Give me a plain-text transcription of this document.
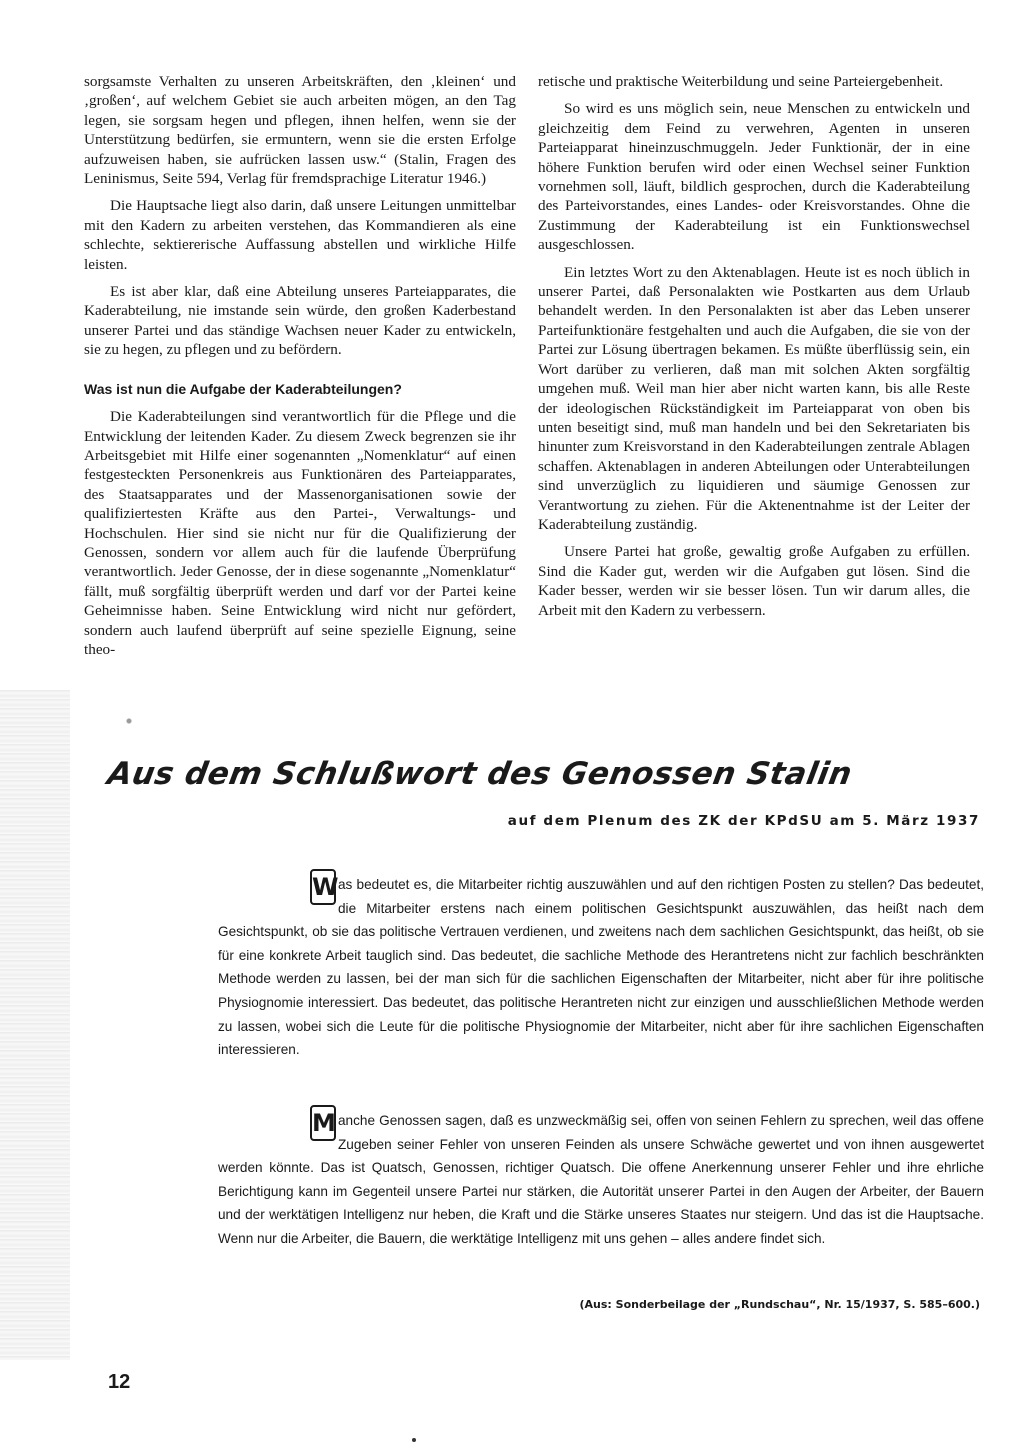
sorgsamste Verhalten zu unseren Arbeitskräften, den ‚kleinen‘ und ‚großen‘, auf welchem Gebiet sie auch arbeiten mögen, an den Tag legen, sie sorgsam hegen und pflegen, ihnen helfen, wenn sie der Unterstützung bedürfen, sie ermuntern, wenn sie die ersten Erfolge aufzuweisen haben, sie aufrücken lassen usw.“ (Stalin, Fragen des Leninismus, Seite 594, Verlag für fremdsprachige Literatur 1946.)

Die Hauptsache liegt also darin, daß unsere Leitungen unmittelbar mit den Kadern zu arbeiten verstehen, das Kommandieren als eine schlechte, sektiererische Auffassung abstellen und wirkliche Hilfe leisten.

Es ist aber klar, daß eine Abteilung unseres Parteiapparates, die Kaderabteilung, nie imstande sein würde, den großen Kaderbestand unserer Partei und das ständige Wachsen neuer Kader zu entwickeln, sie zu hegen, zu pflegen und zu befördern.

Was ist nun die Aufgabe der Kaderabteilungen?

Die Kaderabteilungen sind verantwortlich für die Pflege und die Entwicklung der leitenden Kader. Zu diesem Zweck begrenzen sie ihr Arbeitsgebiet mit Hilfe einer sogenannten „Nomenklatur“ auf einen festgesteckten Personenkreis aus Funktionären des Parteiapparates, des Staatsapparates und der Massenorganisationen sowie der qualifiziertesten Kräfte aus den Partei-, Verwaltungs- und Hochschulen. Hier sind sie nicht nur für die Qualifizierung der Genossen, sondern vor allem auch für die laufende Überprüfung verantwortlich. Jeder Genosse, der in diese sogenannte „Nomenklatur“ fällt, muß sorgfältig überprüft werden und darf vor der Partei keine Geheimnisse haben. Seine Entwicklung wird nicht nur gefördert, sondern auch laufend überprüft auf seine spezielle Eignung, seine theo-

retische und praktische Weiterbildung und seine Parteiergebenheit.

So wird es uns möglich sein, neue Menschen zu entwickeln und gleichzeitig dem Feind zu verwehren, Agenten in unseren Parteiapparat hineinzuschmuggeln. Jeder Funktionär, der in eine höhere Funktion berufen wird oder einen Wechsel seiner Funktion vornehmen soll, läuft, bildlich gesprochen, durch die Kaderabteilung des Parteivorstandes, eines Landes- oder Kreisvorstandes. Ohne die Zustimmung der Kaderabteilung ist ein Funktionswechsel ausgeschlossen.

Ein letztes Wort zu den Aktenablagen. Heute ist es noch üblich in unserer Partei, daß Personalakten wie Postkarten aus dem Urlaub behandelt werden. In den Personalakten ist aber das Leben unserer Parteifunktionäre festgehalten und auch die Aufgaben, die sie von der Partei zur Lösung übertragen bekamen. Es müßte überflüssig sein, ein Wort darüber zu verlieren, daß man mit solchen Akten sorgfältig umgehen muß. Weil man hier aber nicht warten kann, bis alle Reste der ideologischen Rückständigkeit im Parteiapparat von oben bis unten beseitigt sind, muß man handeln und bei den Sekretariaten bis hinunter zum Kreisvorstand in den Kaderabteilungen zentrale Ablagen schaffen. Aktenablagen in anderen Abteilungen oder Unterabteilungen sind unverzüglich zu liquidieren und säumige Genossen zur Verantwortung zu ziehen. Für die Aktenentnahme ist der Leiter der Kaderabteilung zuständig.

Unsere Partei hat große, gewaltig große Aufgaben zu erfüllen. Sind die Kader gut, werden wir die Aufgaben gut lösen. Sind die Kader besser, werden wir sie besser lösen. Tun wir darum alles, die Arbeit mit den Kadern zu verbessern.

Aus dem Schlußwort des Genossen Stalin
auf dem Plenum des ZK der KPdSU am 5. März 1937
W as bedeutet es, die Mitarbeiter richtig auszuwählen und auf den richtigen Posten zu stellen? Das bedeutet, die Mitarbeiter erstens nach einem politischen Gesichtspunkt auszuwählen, das heißt nach dem Gesichtspunkt, ob sie das politische Vertrauen verdienen, und zweitens nach dem sachlichen Gesichtspunkt, das heißt, ob sie für eine konkrete Arbeit tauglich sind. Das bedeutet, die sachliche Methode des Herantretens nicht zur fachlich beschränkten Methode werden zu lassen, bei der man sich für die sachlichen Eigenschaften der Mitarbeiter, nicht aber für ihre politische Physiognomie interessiert. Das bedeutet, das politische Herantreten nicht zur einzigen und ausschließlichen Methode werden zu lassen, wobei sich die Leute für die politische Physiognomie der Mitarbeiter, nicht aber für ihre sachlichen Eigenschaften interessieren.

M anche Genossen sagen, daß es unzweckmäßig sei, offen von seinen Fehlern zu sprechen, weil das offene Zugeben seiner Fehler von unseren Feinden als unsere Schwäche gewertet und von ihnen ausgewertet werden könnte. Das ist Quatsch, Genossen, richtiger Quatsch. Die offene Anerkennung unserer Fehler und ihre ehrliche Berichtigung kann im Gegenteil unsere Partei nur stärken, die Autorität unserer Partei in den Augen der Arbeiter, der Bauern und der werktätigen Intelligenz nur heben, die Kraft und die Stärke unseres Staates nur steigern. Und das ist die Hauptsache. Wenn nur die Arbeiter, die Bauern, die werktätige Intelligenz mit uns gehen – alles andere findet sich.

(Aus: Sonderbeilage der „Rundschau“, Nr. 15/1937, S. 585–600.)
12
